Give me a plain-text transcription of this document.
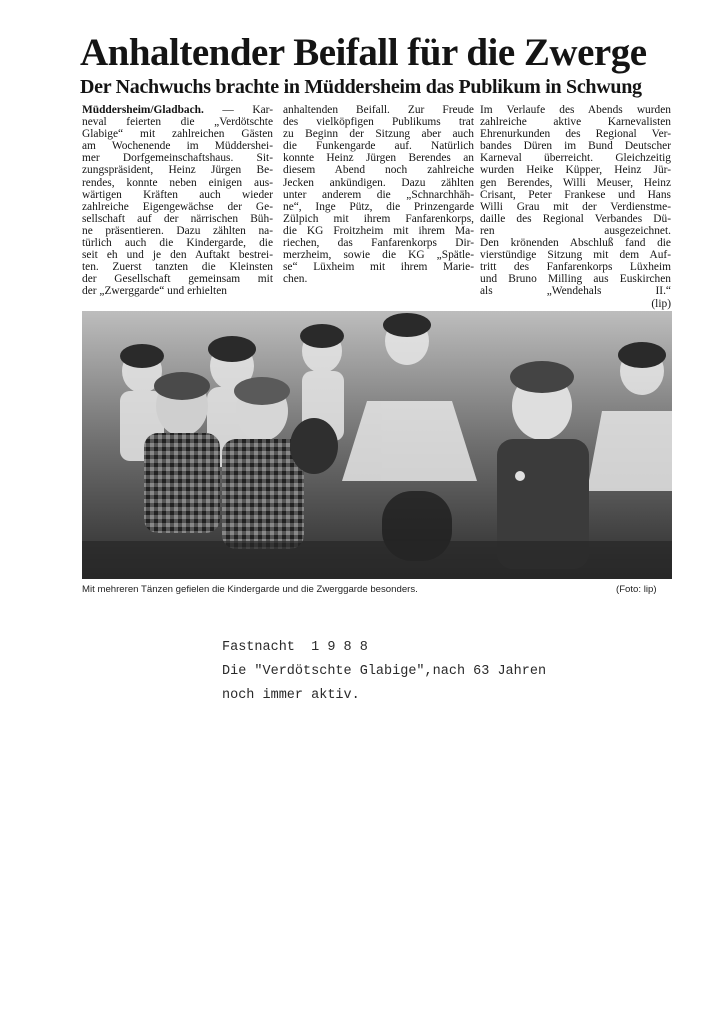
Anhaltender Beifall für die Zwerge
Der Nachwuchs brachte in Müddersheim das Publikum in Schwung
Müddersheim/Gladbach. — Kar-
neval feierten die „Verdötschte
Glabige“ mit zahlreichen Gästen
am Wochenende im Müddershei-
mer Dorfgemeinschaftshaus. Sit-
zungspräsident, Heinz Jürgen Be-
rendes, konnte neben einigen aus-
wärtigen Kräften auch wieder
zahlreiche Eigengewächse der Ge-
sellschaft auf der närrischen Büh-
ne präsentieren. Dazu zählten na-
türlich auch die Kindergarde, die
seit eh und je den Auftakt bestrei-
ten. Zuerst tanzten die Kleinsten
der Gesellschaft gemeinsam mit
der „Zwerggarde“ und erhielten
anhaltenden Beifall. Zur Freude
des vielköpfigen Publikums trat
zu Beginn der Sitzung aber auch
die Funkengarde auf. Natürlich
konnte Heinz Jürgen Berendes an
diesem Abend noch zahlreiche
Jecken ankündigen. Dazu zählten
unter anderem die „Schnarchhäh-
ne“, Inge Pütz, die Prinzengarde
Zülpich mit ihrem Fanfarenkorps,
die KG Froitzheim mit ihrem Ma-
riechen, das Fanfarenkorps Dir-
merzheim, sowie die KG „Spätle-
se“ Lüxheim mit ihrem Marie-
chen.
Im Verlaufe des Abends wurden
zahlreiche aktive Karnevalisten
Ehrenurkunden des Regional Ver-
bandes Düren im Bund Deutscher
Karneval überreicht. Gleichzeitig
wurden Heike Küpper, Heinz Jür-
gen Berendes, Willi Meuser, Heinz
Crisant, Peter Frankese und Hans
Willi Grau mit der Verdienstme-
daille des Regional Verbandes Dü-
ren ausgezeichnet.
Den krönenden Abschluß fand die
vierstündige Sitzung mit dem Auf-
tritt des Fanfarenkorps Lüxheim
und Bruno Milling aus Euskirchen
als „Wendehals II.“
(lip)
Mit mehreren Tänzen gefielen die Kindergarde und die Zwerggarde besonders.	(Foto: lip)
Fastnacht  1 9 8 8
Die "Verdötschte Glabige",nach 63 Jahren
noch immer aktiv.
